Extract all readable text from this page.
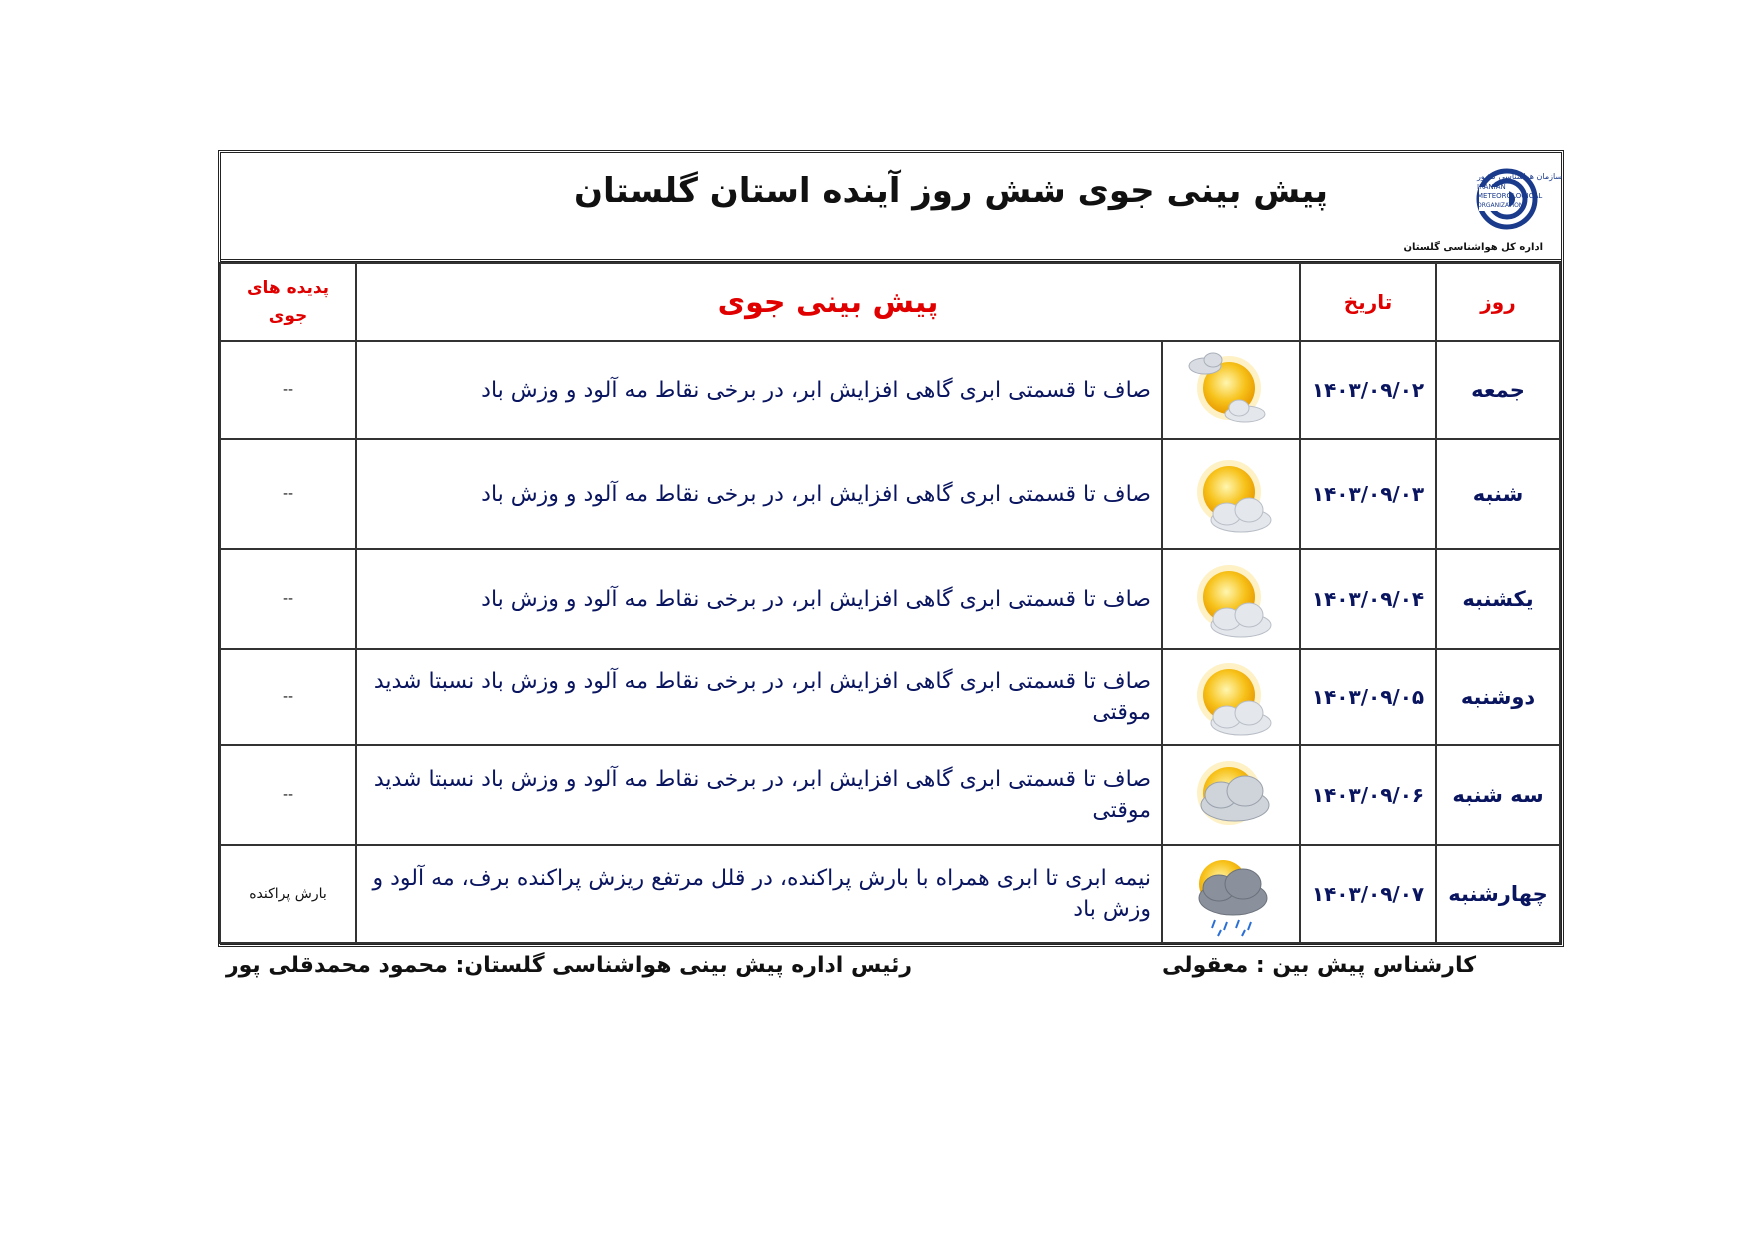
پیش بینی جوی شش روز آینده استان گلستان	سازمان هواشناسی کشور
IRANIAN
METEOROLOGICAL
ORGANIZATION
اداره کل هواشناسی گلستان
روز	تاریخ	پیش بینی جوی		پدیده های
جوی

جمعه	۱۴۰۳/۰۹/۰۲		صاف تا قسمتی ابری گاهی افزایش ابر، در برخی نقاط مه آلود و وزش باد	--
شنبه	۱۴۰۳/۰۹/۰۳		صاف تا قسمتی ابری گاهی افزایش ابر، در برخی نقاط مه آلود و وزش باد	--
یکشنبه	۱۴۰۳/۰۹/۰۴		صاف تا قسمتی ابری گاهی افزایش ابر، در برخی نقاط مه آلود و وزش باد	--
دوشنبه	۱۴۰۳/۰۹/۰۵		صاف تا قسمتی ابری گاهی افزایش ابر، در برخی نقاط مه آلود و وزش باد نسبتا شدید موقتی	--
سه شنبه	۱۴۰۳/۰۹/۰۶		صاف تا قسمتی ابری گاهی افزایش ابر، در برخی نقاط مه آلود و وزش باد نسبتا شدید موقتی	--
چهارشنبه	۱۴۰۳/۰۹/۰۷		نیمه ابری تا ابری همراه با بارش پراکنده، در قلل مرتفع ریزش پراکنده برف، مه آلود و وزش باد	بارش پراکنده
کارشناس پیش بین : معقولی
رئیس اداره پیش بینی هواشناسی گلستان: محمود محمدقلی پور
